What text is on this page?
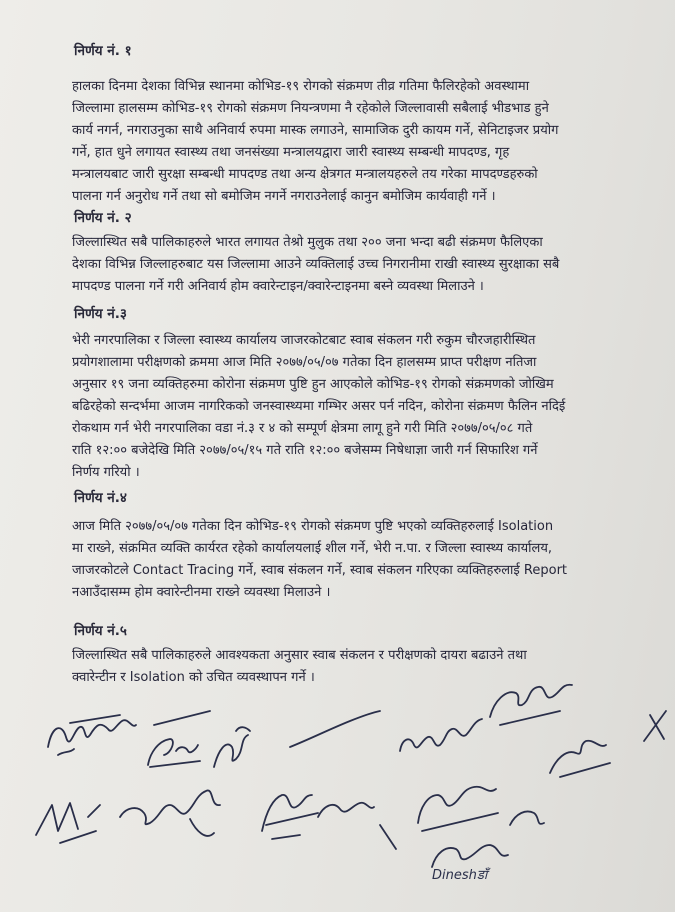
निर्णय नं. १
हालका दिनमा देशका विभिन्न स्थानमा कोभिड-१९ रोगको संक्रमण तीव्र गतिमा फैलिरहेको अवस्थामा
जिल्लामा हालसम्म कोभिड-१९ रोगको संक्रमण नियन्त्रणमा नै रहेकोले जिल्लावासी सबैलाई भीडभाड हुने
कार्य नगर्न, नगराउनुका साथै अनिवार्य रुपमा मास्क लगाउने, सामाजिक दुरी कायम गर्ने, सेनिटाइजर प्रयोग
गर्ने, हात धुने लगायत स्वास्थ्य तथा जनसंख्या मन्त्रालयद्वारा जारी स्वास्थ्य सम्बन्धी मापदण्ड, गृह
मन्त्रालयबाट जारी सुरक्षा सम्बन्धी मापदण्ड तथा अन्य क्षेत्रगत मन्त्रालयहरुले तय गरेका मापदण्डहरुको
पालना गर्न अनुरोध गर्ने तथा सो बमोजिम नगर्ने नगराउनेलाई कानुन बमोजिम कार्यवाही गर्ने ।
निर्णय नं. २
जिल्लास्थित सबै पालिकाहरुले भारत लगायत तेश्रो मुलुक तथा २०० जना भन्दा बढी संक्रमण फैलिएका
देशका विभिन्न जिल्लाहरुबाट यस जिल्लामा आउने व्यक्तिलाई उच्च निगरानीमा राखी स्वास्थ्य सुरक्षाका सबै
मापदण्ड पालना गर्ने गरी अनिवार्य होम क्वारेन्टाइन/क्वारेन्टाइनमा बस्ने व्यवस्था मिलाउने ।
निर्णय नं.३
भेरी नगरपालिका र जिल्ला स्वास्थ्य कार्यालय जाजरकोटबाट स्वाब संकलन गरी रुकुम चौरजहारीस्थित
प्रयोगशालामा परीक्षणको क्रममा आज मिति २०७७/०५/०७ गतेका दिन हालसम्म प्राप्त परीक्षण नतिजा
अनुसार १९ जना व्यक्तिहरुमा कोरोना संक्रमण पुष्टि हुन आएकोले कोभिड-१९ रोगको संक्रमणको जोखिम
बढिरहेको सन्दर्भमा आजम नागरिकको जनस्वास्थ्यमा गम्भिर असर पर्न नदिन, कोरोना संक्रमण फैलिन नदिई
रोकथाम गर्न भेरी नगरपालिका वडा नं.३ र ४ को सम्पूर्ण क्षेत्रमा लागू हुने गरी मिति २०७७/०५/०८ गते
राति १२:०० बजेदेखि मिति २०७७/०५/१५ गते राति १२:०० बजेसम्म निषेधाज्ञा जारी गर्न सिफारिश गर्ने
निर्णय गरियो ।
निर्णय नं.४
आज मिति २०७७/०५/०७ गतेका दिन कोभिड-१९ रोगको संक्रमण पुष्टि भएको व्यक्तिहरुलाई Isolation
मा राख्ने, संक्रमित व्यक्ति कार्यरत रहेको कार्यालयलाई शील गर्ने, भेरी न.पा. र जिल्ला स्वास्थ्य कार्यालय,
जाजरकोटले Contact Tracing गर्ने, स्वाब संकलन गर्ने, स्वाब संकलन गरिएका व्यक्तिहरुलाई Report
नआउँदासम्म होम क्वारेन्टीनमा राख्ने व्यवस्था मिलाउने ।
निर्णय नं.५
जिल्लास्थित सबै पालिकाहरुले आवश्यकता अनुसार स्वाब संकलन र परीक्षणको दायरा बढाउने तथा
क्वारेन्टीन र Isolation को उचित व्यवस्थापन गर्ने ।
Dineshडाँ
